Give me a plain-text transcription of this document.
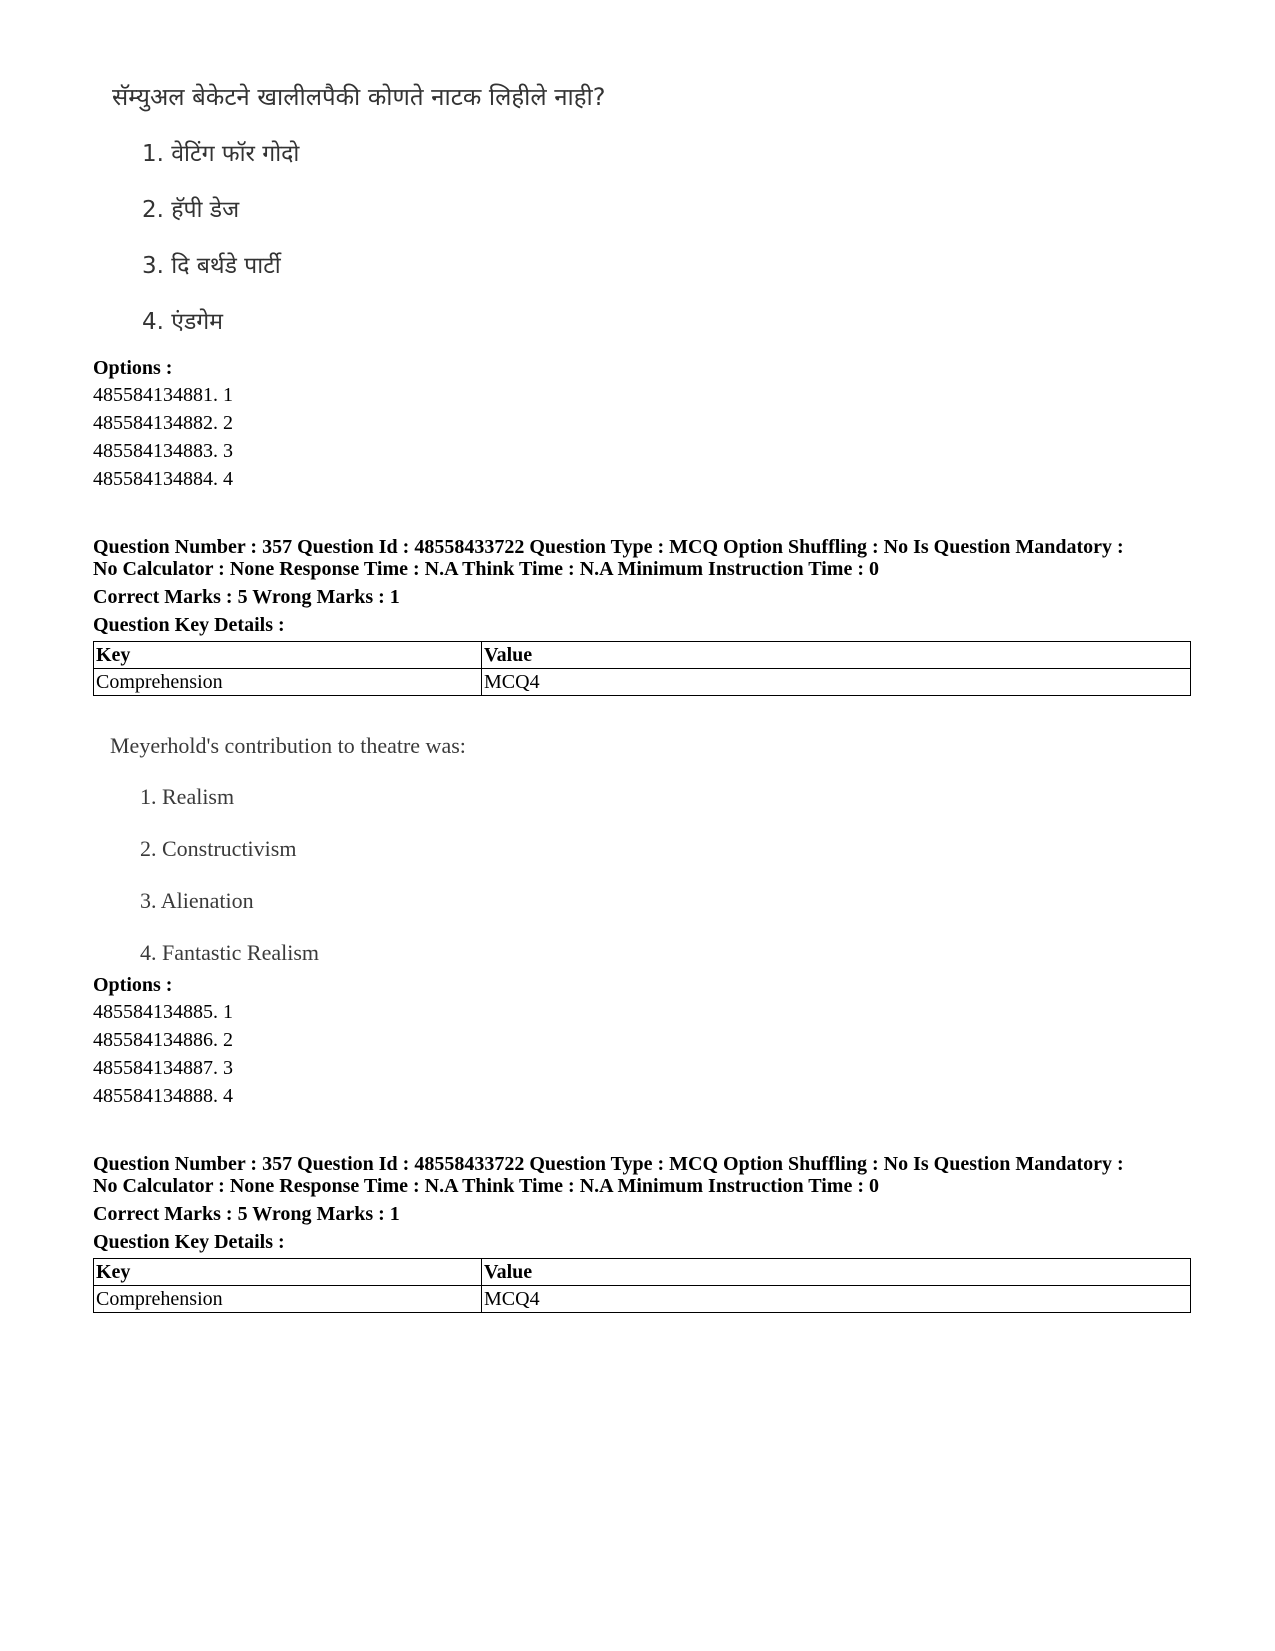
सॅम्युअल बेकेटने खालीलपैकी कोणते नाटक लिहीले नाही?
1. वेटिंग फॉर गोदो
2. हॅपी डेज
3. दि बर्थडे पार्टी
4. एंडगेम
Options :
485584134881. 1
485584134882. 2
485584134883. 3
485584134884. 4
Question Number : 357 Question Id : 48558433722 Question Type : MCQ Option Shuffling : No Is Question Mandatory :
No Calculator : None Response Time : N.A Think Time : N.A Minimum Instruction Time : 0
Correct Marks : 5 Wrong Marks : 1
Question Key Details :
Key	Value
Comprehension	MCQ4
Meyerhold's contribution to theatre was:
1. Realism
2. Constructivism
3. Alienation
4. Fantastic Realism
Options :
485584134885. 1
485584134886. 2
485584134887. 3
485584134888. 4
Question Number : 357 Question Id : 48558433722 Question Type : MCQ Option Shuffling : No Is Question Mandatory :
No Calculator : None Response Time : N.A Think Time : N.A Minimum Instruction Time : 0
Correct Marks : 5 Wrong Marks : 1
Question Key Details :
Key	Value
Comprehension	MCQ4
